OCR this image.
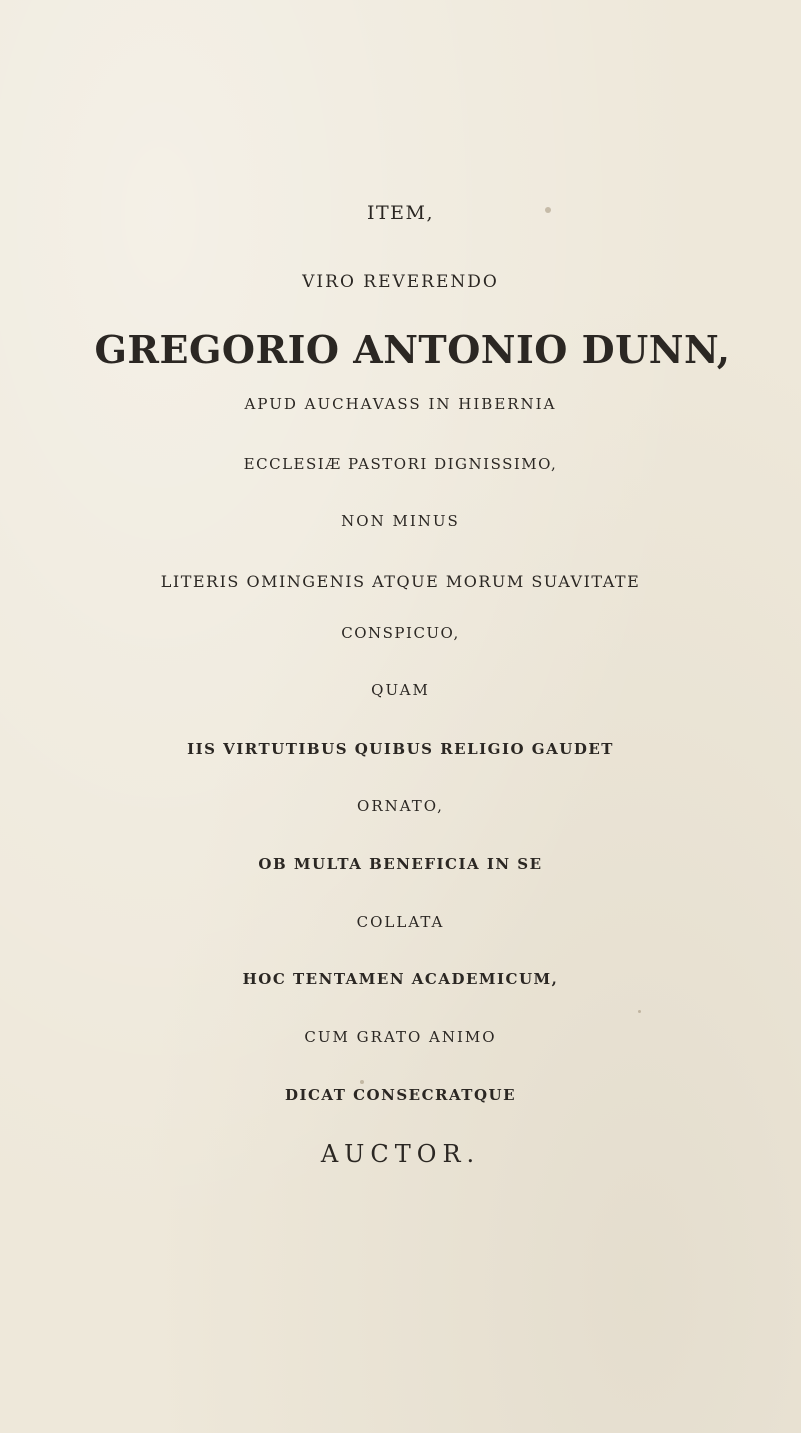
ITEM,
VIRO REVERENDO
GREGORIO ANTONIO DUNN,
APUD AUCHAVASS IN HIBERNIA
ECCLESIÆ PASTORI DIGNISSIMO,
NON MINUS
LITERIS OMINGENIS ATQUE MORUM SUAVITATE
CONSPICUO,
QUAM
IIS VIRTUTIBUS QUIBUS RELIGIO GAUDET
ORNATO,
OB MULTA BENEFICIA IN SE
COLLATA
HOC TENTAMEN ACADEMICUM,
CUM GRATO ANIMO
DICAT CONSECRATQUE
AUCTOR.
